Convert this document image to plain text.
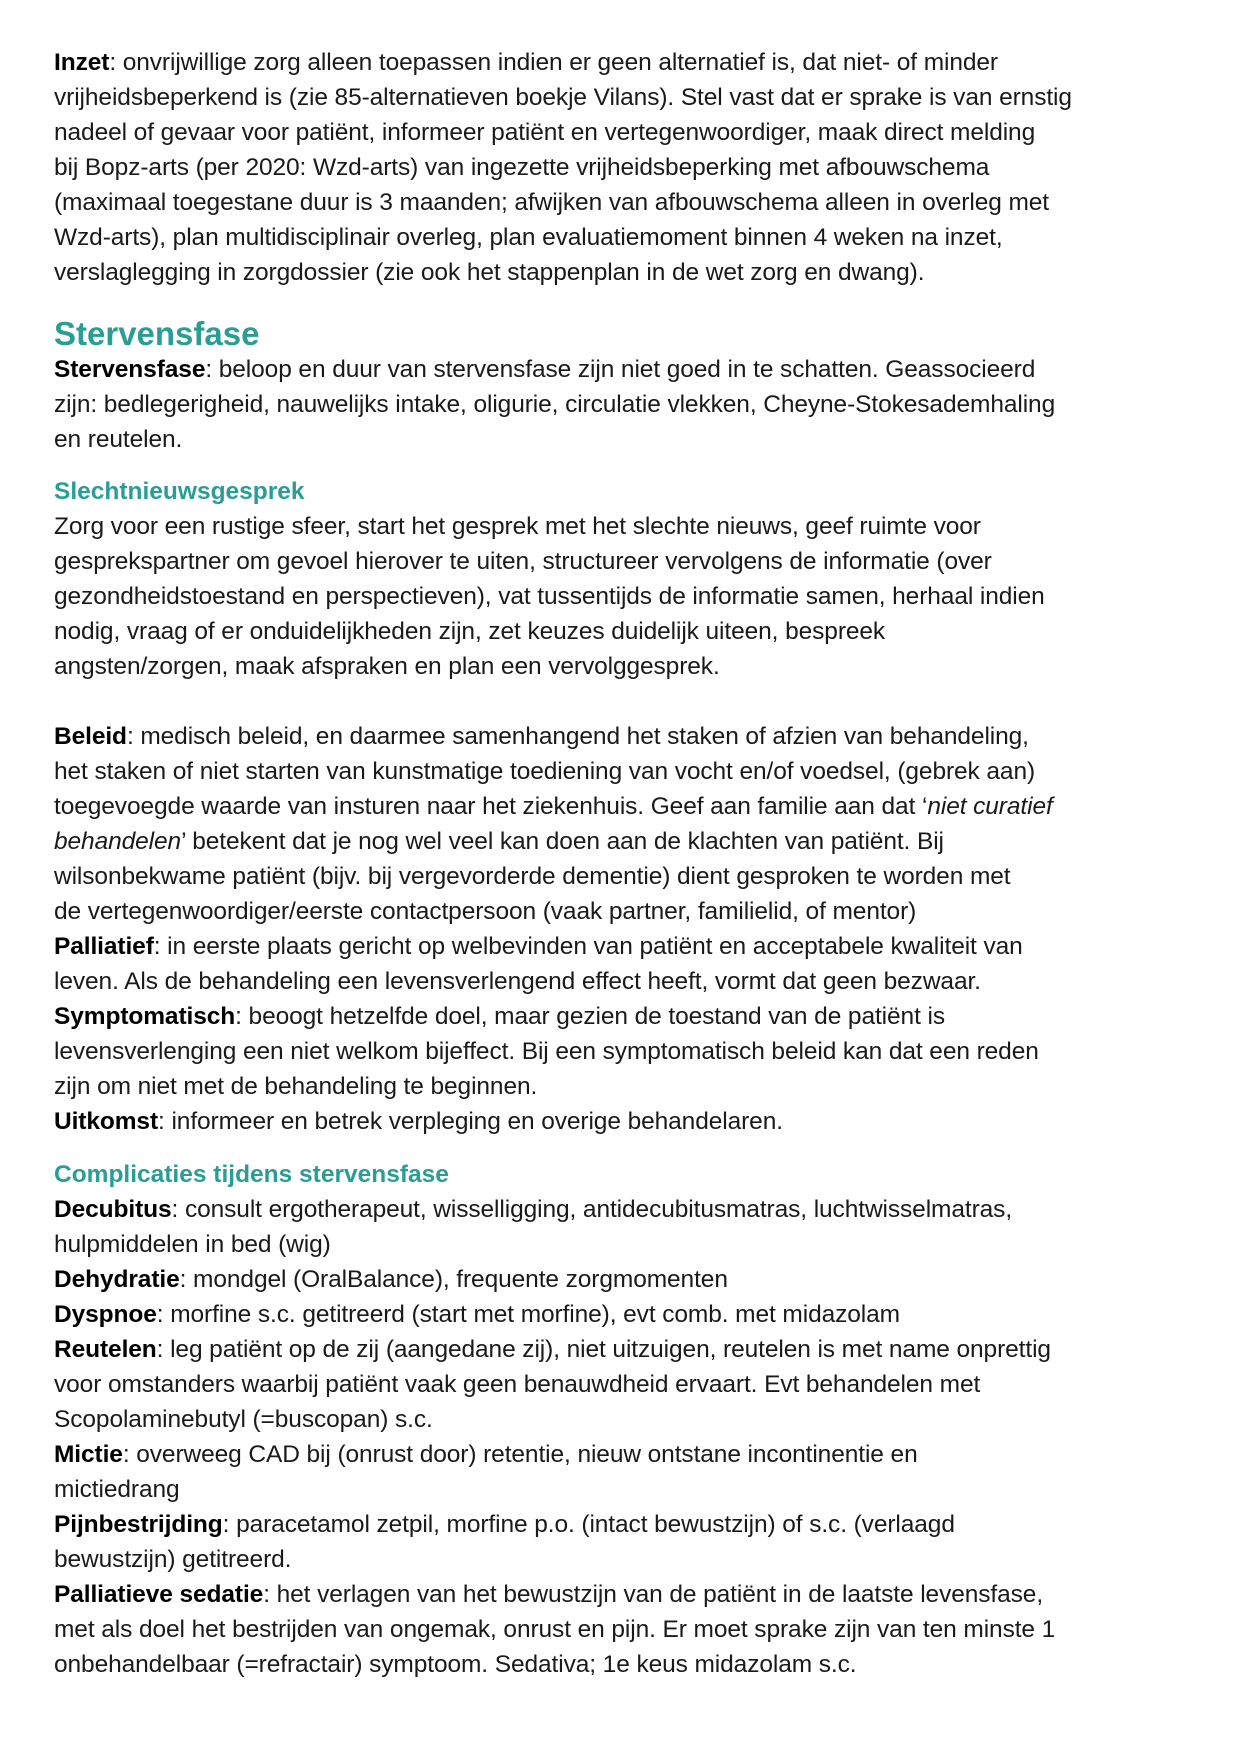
Inzet: onvrijwillige zorg alleen toepassen indien er geen alternatief is, dat niet- of minder
vrijheidsbeperkend is (zie 85-alternatieven boekje Vilans). Stel vast dat er sprake is van ernstig
nadeel of gevaar voor patiënt, informeer patiënt en vertegenwoordiger, maak direct melding
bij Bopz-arts (per 2020: Wzd-arts) van ingezette vrijheidsbeperking met afbouwschema
(maximaal toegestane duur is 3 maanden; afwijken van afbouwschema alleen in overleg met
Wzd-arts), plan multidisciplinair overleg, plan evaluatiemoment binnen 4 weken na inzet,
verslaglegging in zorgdossier (zie ook het stappenplan in de wet zorg en dwang).
Stervensfase
Stervensfase: beloop en duur van stervensfase zijn niet goed in te schatten. Geassocieerd
zijn: bedlegerigheid, nauwelijks intake, oligurie, circulatie vlekken, Cheyne-Stokesademhaling
en reutelen.
Slechtnieuwsgesprek
Zorg voor een rustige sfeer, start het gesprek met het slechte nieuws, geef ruimte voor
gesprekspartner om gevoel hierover te uiten, structureer vervolgens de informatie (over
gezondheidstoestand en perspectieven), vat tussentijds de informatie samen, herhaal indien
nodig, vraag of er onduidelijkheden zijn, zet keuzes duidelijk uiteen, bespreek
angsten/zorgen, maak afspraken en plan een vervolggesprek.
Beleid: medisch beleid, en daarmee samenhangend het staken of afzien van behandeling,
het staken of niet starten van kunstmatige toediening van vocht en/of voedsel, (gebrek aan)
toegevoegde waarde van insturen naar het ziekenhuis. Geef aan familie aan dat ‘niet curatief
behandelen’ betekent dat je nog wel veel kan doen aan de klachten van patiënt. Bij
wilsonbekwame patiënt (bijv. bij vergevorderde dementie) dient gesproken te worden met
de vertegenwoordiger/eerste contactpersoon (vaak partner, familielid, of mentor)
Palliatief: in eerste plaats gericht op welbevinden van patiënt en acceptabele kwaliteit van
leven. Als de behandeling een levensverlengend effect heeft, vormt dat geen bezwaar.
Symptomatisch: beoogt hetzelfde doel, maar gezien de toestand van de patiënt is
levensverlenging een niet welkom bijeffect. Bij een symptomatisch beleid kan dat een reden
zijn om niet met de behandeling te beginnen.
Uitkomst: informeer en betrek verpleging en overige behandelaren.
Complicaties tijdens stervensfase
Decubitus: consult ergotherapeut, wisselligging, antidecubitusmatras, luchtwisselmatras,
hulpmiddelen in bed (wig)
Dehydratie: mondgel (OralBalance), frequente zorgmomenten
Dyspnoe: morfine s.c. getitreerd (start met morfine), evt comb. met midazolam
Reutelen: leg patiënt op de zij (aangedane zij), niet uitzuigen, reutelen is met name onprettig
voor omstanders waarbij patiënt vaak geen benauwdheid ervaart. Evt behandelen met
Scopolaminebutyl (=buscopan) s.c.
Mictie: overweeg CAD bij (onrust door) retentie, nieuw ontstane incontinentie en
mictiedrang
Pijnbestrijding: paracetamol zetpil, morfine p.o. (intact bewustzijn) of s.c. (verlaagd
bewustzijn) getitreerd.
Palliatieve sedatie: het verlagen van het bewustzijn van de patiënt in de laatste levensfase,
met als doel het bestrijden van ongemak, onrust en pijn. Er moet sprake zijn van ten minste 1
onbehandelbaar (=refractair) symptoom. Sedativa; 1e keus midazolam s.c.
